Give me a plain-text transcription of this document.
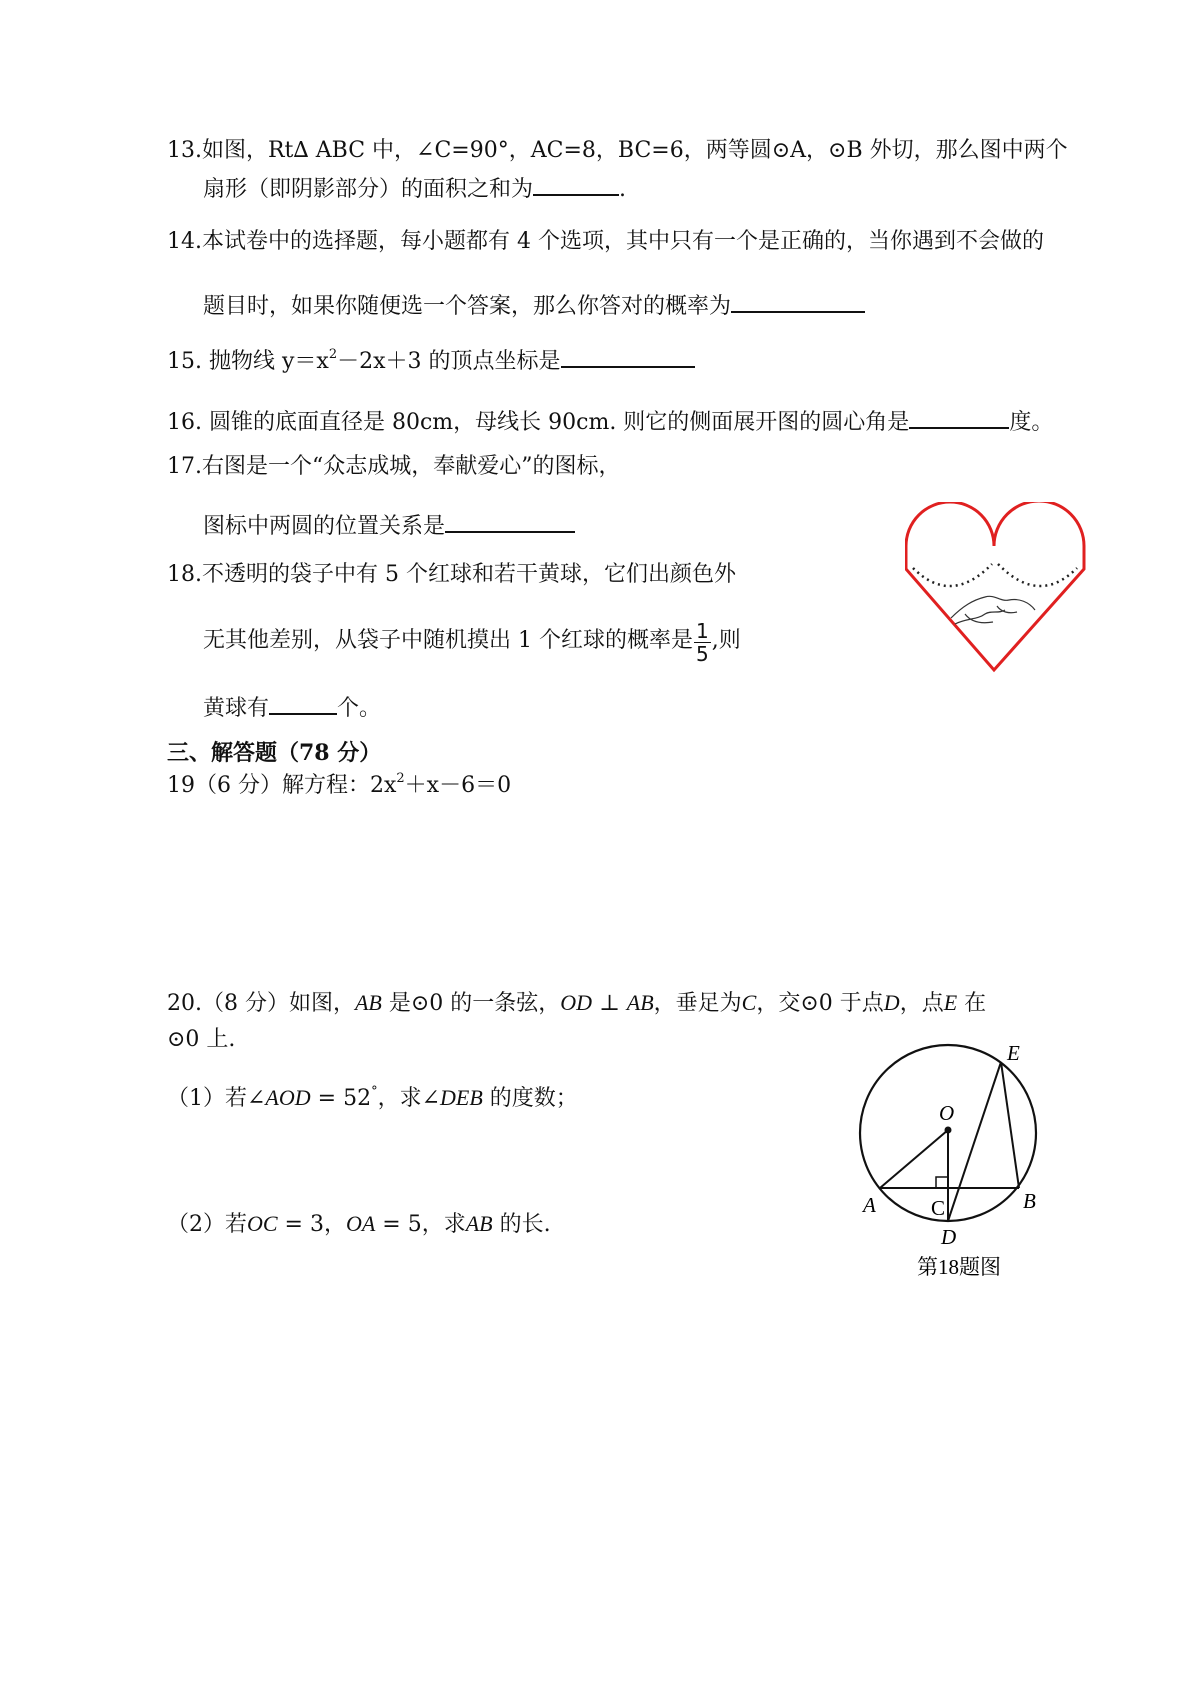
13.如图，Rt∆ ABC 中，∠C=90°，AC=8，BC=6，两等圆⊙A，⊙B 外切，那么图中两个
扇形（即阴影部分）的面积之和为	.
14.本试卷中的选择题，每小题都有 4 个选项，其中只有一个是正确的，当你遇到不会做的
题目时，如果你随便选一个答案，那么你答对的概率为
15. 抛物线 $y=x^2-2x+3$ 的顶点坐标是
16. 圆锥的底面直径是 80cm，母线长 90cm. 则它的侧面展开图的圆心角是	度。
17.右图是一个“众志成城，奉献爱心”的图标，
图标中两圆的位置关系是
18.不透明的袋子中有 5 个红球和若干黄球，它们出颜色外
无其他差别，从袋子中随机摸出 1 个红球的概率是 $\frac{1}{5}$ ,则
黄球有	个。
三、解答题（78 分）
19（6 分）解方程：$2x^2+x-6=0$
20.（8 分）如图，AB 是⊙0 的一条弦，OD ⊥ AB，垂足为C，交⊙0 于点D，点E 在
⊙0 上.
（1）若∠AOD = 52°，求∠DEB 的度数；
（2）若OC = 3，OA = 5，求AB 的长.
E
O
A	C	B
D
第18题图
